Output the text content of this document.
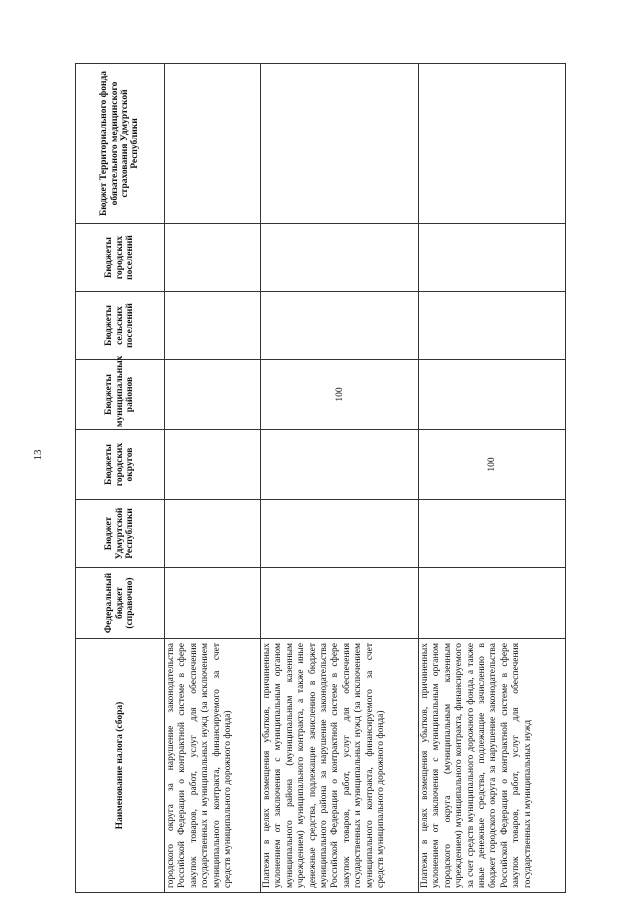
13
Наименование налога (сбора)	Федеральный бюджет (справочно)	Бюджет Удмуртской Республики	Бюджеты городских округов	Бюджеты муниципальных районов	Бюджеты сельских поселений	Бюджеты городских поселений	Бюджет Территориального фонда обязательного медицинского страхования Удмуртской Республики
городского округа за нарушение законодательства Российской Федерации о контрактной системе в сфере закупок товаров, работ, услуг для обеспечения государственных и муниципальных нужд (за исключением муниципального контракта, финансируемого за счет средств муниципального дорожного фонда)							
Платежи в целях возмещения убытков, причиненных уклонением от заключения с муниципальным органом муниципального района (муниципальным казенным учреждением) муниципального контракта, а также иные денежные средства, подлежащие зачислению в бюджет муниципального района за нарушение законодательства Российской Федерации о контрактной системе в сфере закупок товаров, работ, услуг для обеспечения государственных и муниципальных нужд (за исключением муниципального контракта, финансируемого за счет средств муниципального дорожного фонда)				100			
Платежи в целях возмещения убытков, причиненных уклонением от заключения с муниципальным органом городского округа (муниципальным казенным учреждением) муниципального контракта, финансируемого за счет средств муниципального дорожного фонда, а также иные денежные средства, подлежащие зачислению в бюджет городского округа за нарушение законодательства Российской Федерации о контрактной системе в сфере закупок товаров, работ, услуг для обеспечения государственных и муниципальных нужд			100				
